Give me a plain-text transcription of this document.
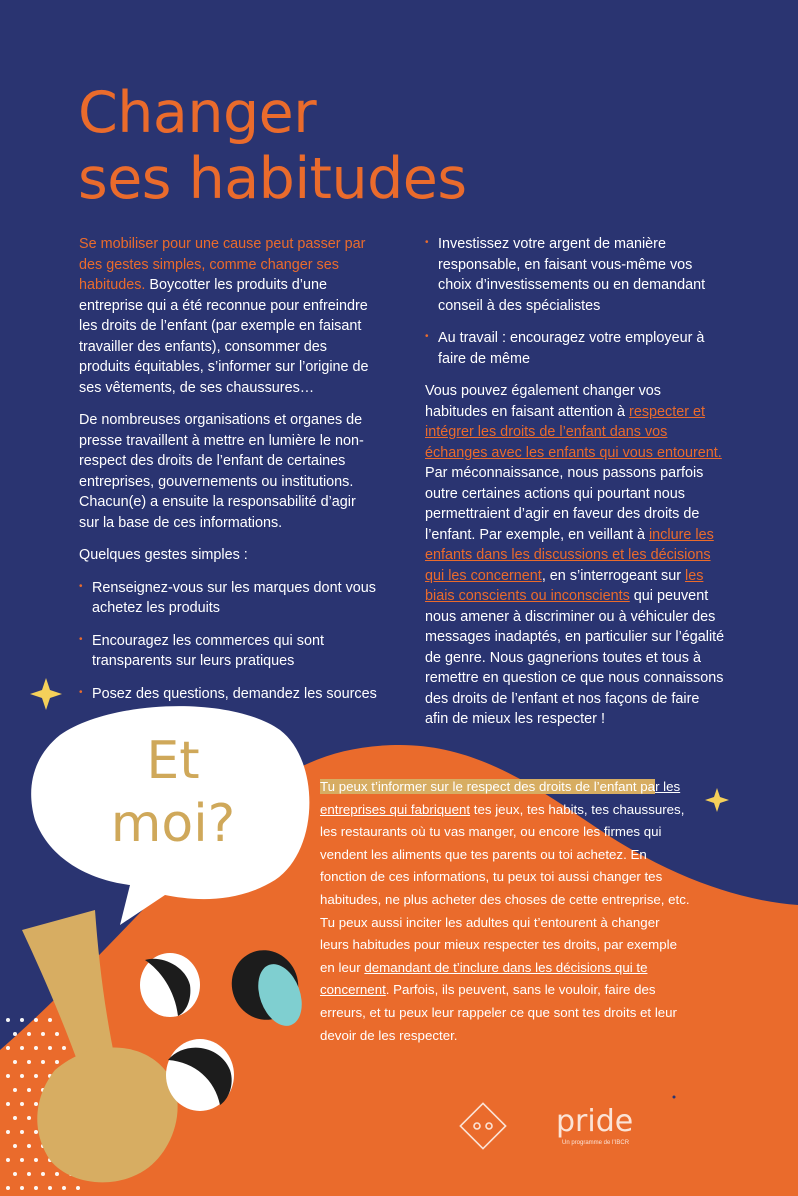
Changer
ses habitudes

Se mobiliser pour une cause peut passer par des gestes simples, comme changer ses habitudes. Boycotter les produits d’une entreprise qui a été reconnue pour enfreindre les droits de l’enfant (par exemple en faisant travailler des enfants), consommer des produits équitables, s’informer sur l’origine de ses vêtements, de ses chaussures…

De nombreuses organisations et organes de presse travaillent à mettre en lumière le non-respect des droits de l’enfant de certaines entreprises, gouvernements ou institutions. Chacun(e) a ensuite la responsabilité d’agir sur la base de ces informations.

Quelques gestes simples :

• Renseignez-vous sur les marques dont vous achetez les produits
• Encouragez les commerces qui sont transparents sur leurs pratiques
• Posez des questions, demandez les sources
• Investissez votre argent de manière responsable, en faisant vous-même vos choix d’investissements ou en demandant conseil à des spécialistes
• Au travail : encouragez votre employeur à faire de même

Vous pouvez également changer vos habitudes en faisant attention à respecter et intégrer les droits de l’enfant dans vos échanges avec les enfants qui vous entourent. Par méconnaissance, nous passons parfois outre certaines actions qui pourtant nous permettraient d’agir en faveur des droits de l’enfant. Par exemple, en veillant à inclure les enfants dans les discussions et les décisions qui les concernent, en s’interrogeant sur les biais conscients ou inconscients qui peuvent nous amener à discriminer ou à véhiculer des messages inadaptés, en particulier sur l’égalité de genre. Nous gagnerions toutes et tous à remettre en question ce que nous connaissons des droits de l’enfant et nos façons de faire afin de mieux les respecter !

Et
moi?
Tu peux t’informer sur le respect des droits de l’enfant par les entreprises qui fabriquent tes jeux, tes habits, tes chaussures, les restaurants où tu vas manger, ou encore les firmes qui vendent les aliments que tes parents ou toi achetez. En fonction de ces informations, tu peux toi aussi changer tes habitudes, ne plus acheter des choses de cette entreprise, etc. Tu peux aussi inciter les adultes qui t’entourent à changer leurs habitudes pour mieux respecter tes droits, par exemple en leur demandant de t’inclure dans les décisions qui te concernent. Parfois, ils peuvent, sans le vouloir, faire des erreurs, et tu peux leur rappeler ce que sont tes droits et leur devoir de les respecter.
pride
Un programme de l’IBCR
